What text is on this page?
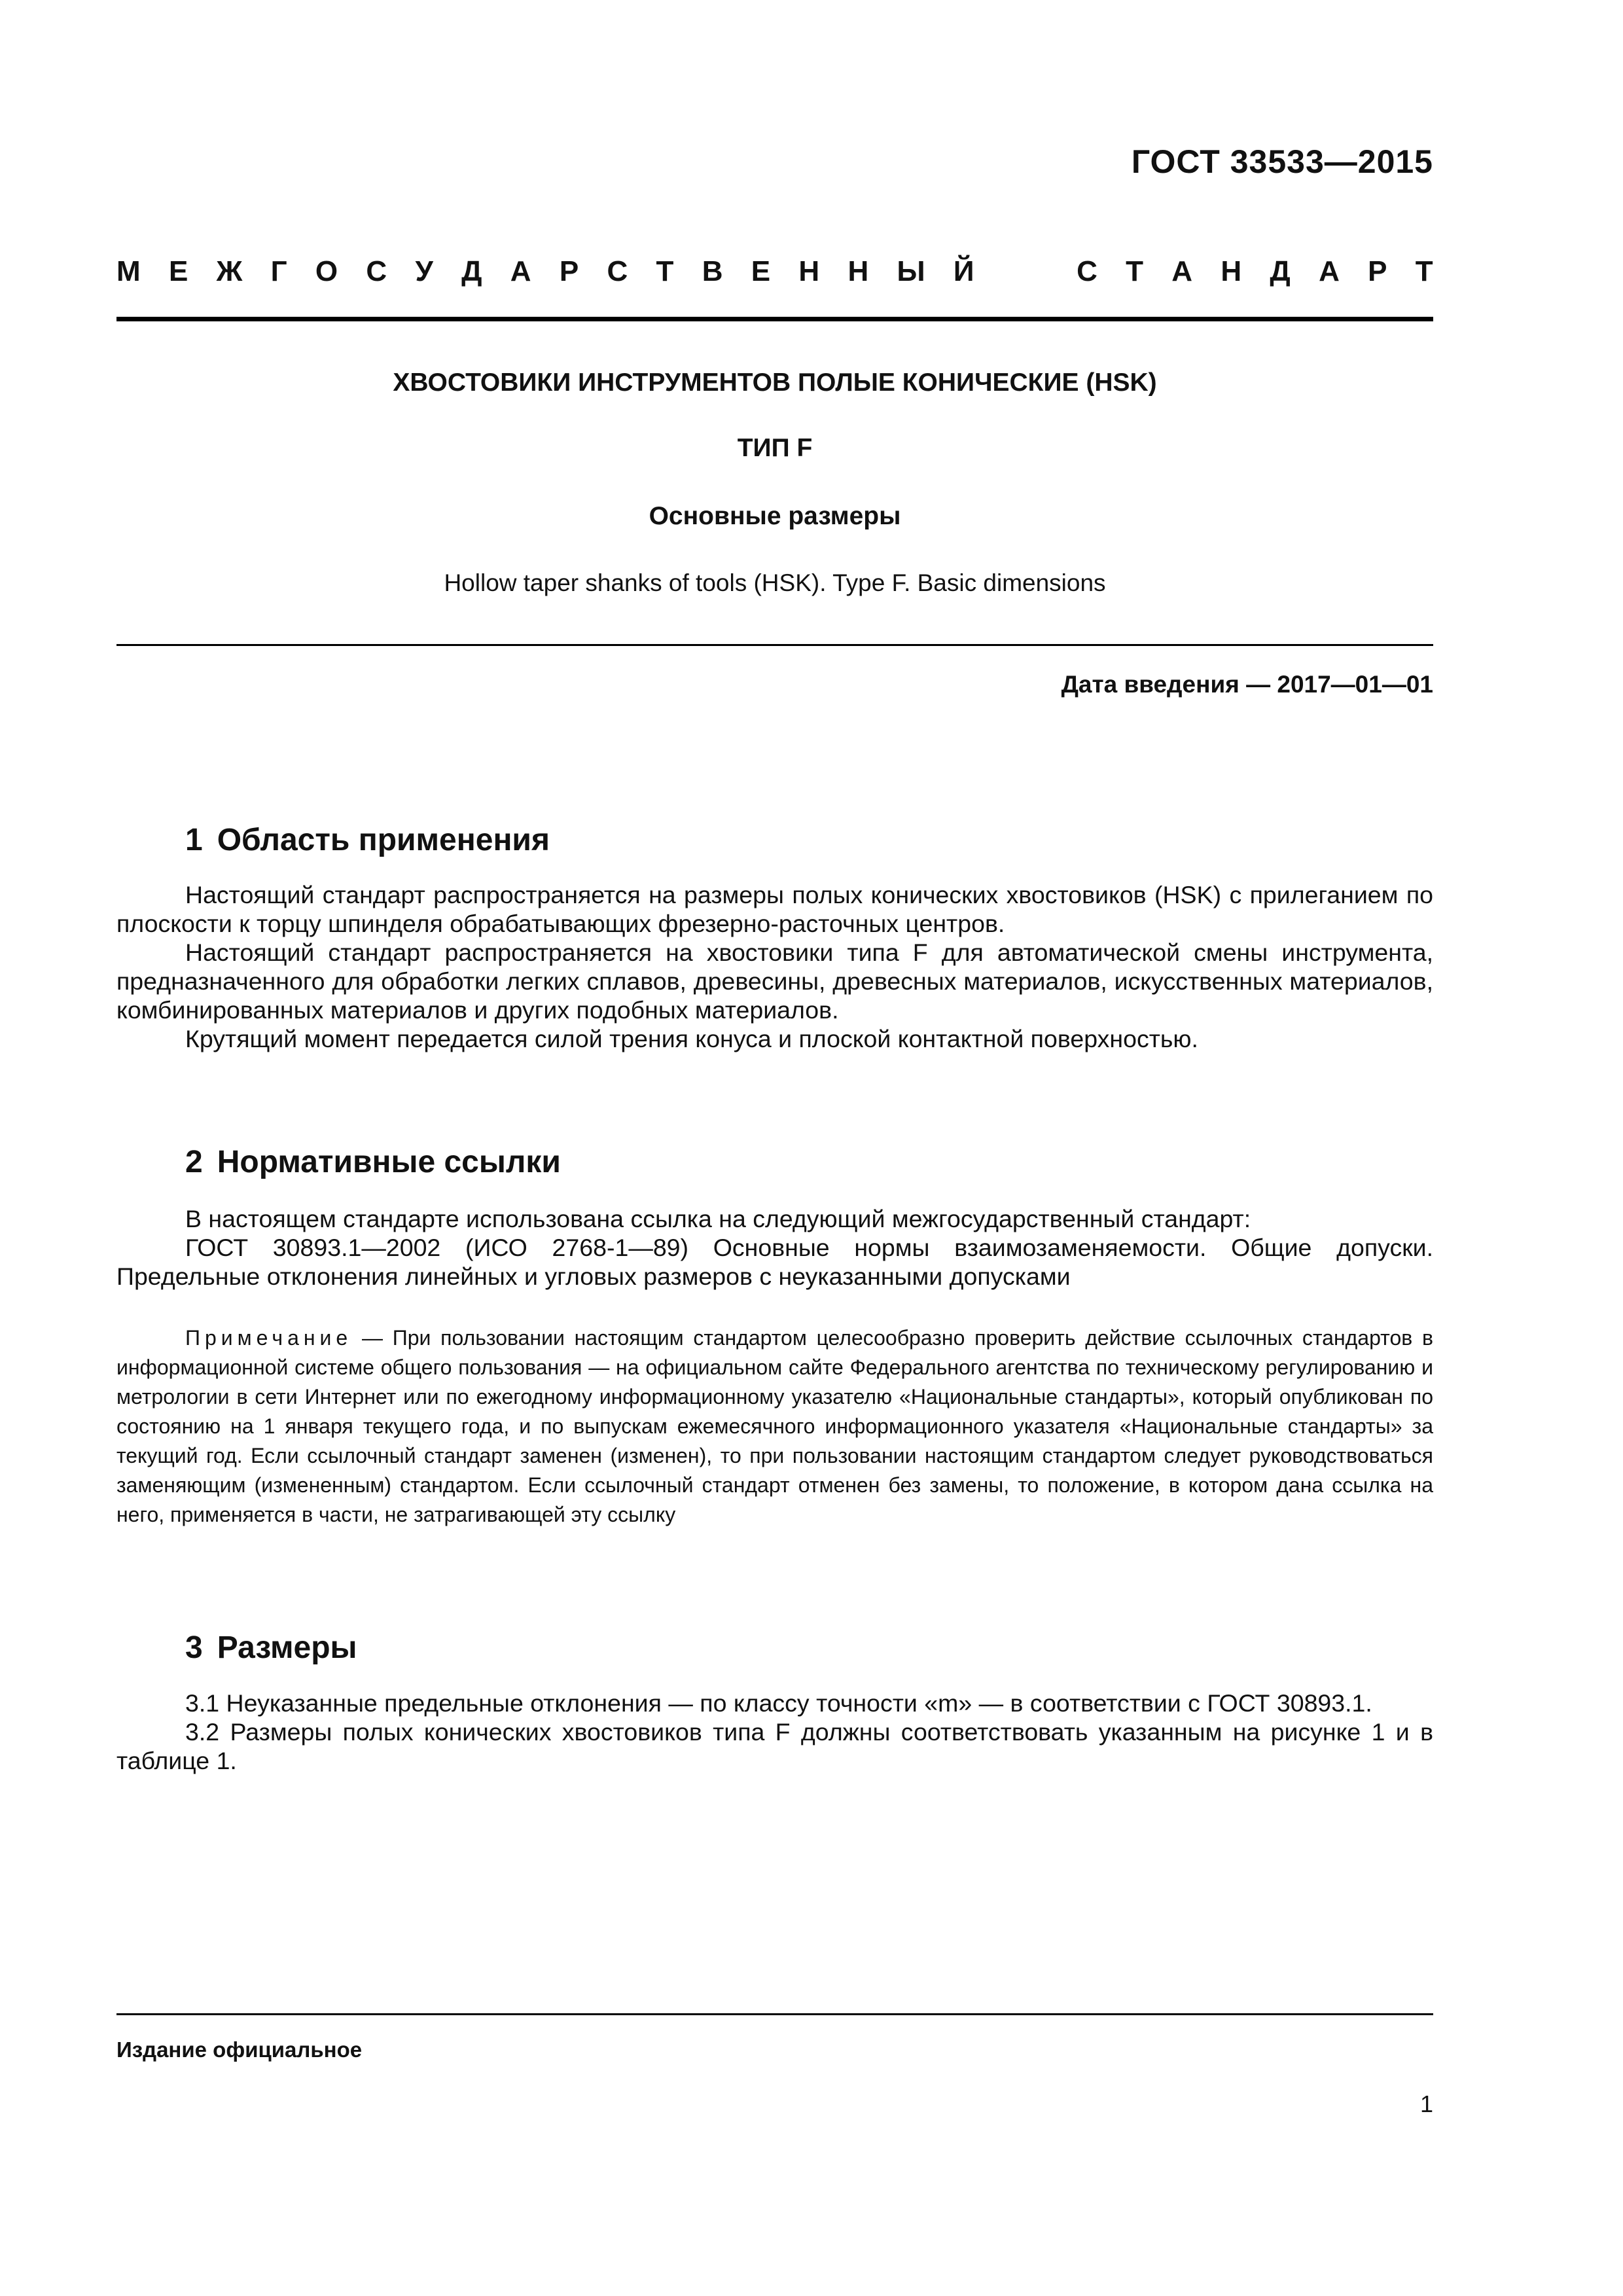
ГОСТ 33533—2015
М Е Ж Г О С У Д А Р С Т В Е Н Н Ы Й	С Т А Н Д А Р Т
ХВОСТОВИКИ ИНСТРУМЕНТОВ ПОЛЫЕ КОНИЧЕСКИЕ (HSK)
ТИП F
Основные размеры
Hollow taper shanks of tools (HSK). Type F. Basic dimensions
Дата введения — 2017—01—01
1 Область применения

Настоящий стандарт распространяется на размеры полых конических хвостовиков (HSK) с прилеганием по плоскости к торцу шпинделя обрабатывающих фрезерно-расточных центров.

Настоящий стандарт распространяется на хвостовики типа F для автоматической смены инструмента, предназначенного для обработки легких сплавов, древесины, древесных материалов, искусственных материалов, комбинированных материалов и других подобных материалов.

Крутящий момент передается силой трения конуса и плоской контактной поверхностью.

2 Нормативные ссылки

В настоящем стандарте использована ссылка на следующий межгосударственный стандарт:

ГОСТ 30893.1—2002 (ИСО 2768-1—89) Основные нормы взаимозаменяемости. Общие допуски. Предельные отклонения линейных и угловых размеров с неуказанными допусками

Примечание — При пользовании настоящим стандартом целесообразно проверить действие ссылочных стандартов в информационной системе общего пользования — на официальном сайте Федерального агентства по техническому регулированию и метрологии в сети Интернет или по ежегодному информационному указателю «Национальные стандарты», который опубликован по состоянию на 1 января текущего года, и по выпускам ежемесячного информационного указателя «Национальные стандарты» за текущий год. Если ссылочный стандарт заменен (изменен), то при пользовании настоящим стандартом следует руководствоваться заменяющим (измененным) стандартом. Если ссылочный стандарт отменен без замены, то положение, в котором дана ссылка на него, применяется в части, не затрагивающей эту ссылку
3 Размеры

3.1 Неуказанные предельные отклонения — по классу точности «m» — в соответствии с ГОСТ 30893.1.

3.2 Размеры полых конических хвостовиков типа F должны соответствовать указанным на рисунке 1 и в таблице 1.

Издание официальное
1
